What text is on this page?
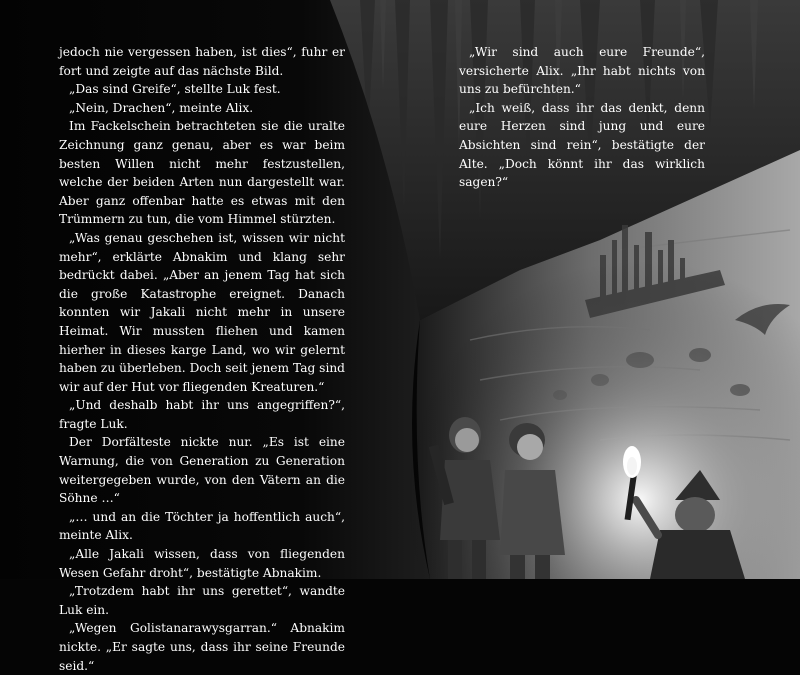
jedoch nie vergessen haben, ist dies“, fuhr er fort und zeigte auf das nächste Bild.

„Das sind Greife“, stellte Luk fest.

„Nein, Drachen“, meinte Alix.

Im Fackelschein betrachteten sie die uralte Zeichnung ganz genau, aber es war beim besten Willen nicht mehr festzustellen, welche der beiden Arten nun dargestellt war. Aber ganz offenbar hatte es etwas mit den Trümmern zu tun, die vom Himmel stürzten.

„Was genau geschehen ist, wissen wir nicht mehr“, erklärte Abnakim und klang sehr bedrückt dabei. „Aber an jenem Tag hat sich die große Katastrophe ereignet. Danach konnten wir Jakali nicht mehr in unsere Heimat. Wir mussten fliehen und kamen hierher in dieses karge Land, wo wir gelernt haben zu überleben. Doch seit jenem Tag sind wir auf der Hut vor fliegenden Kreaturen.“

„Und deshalb habt ihr uns angegriffen?“, fragte Luk.

Der Dorfälteste nickte nur. „Es ist eine Warnung, die von Generation zu Generation weitergegeben wurde, von den Vätern an die Söhne …“

„… und an die Töchter ja hoffentlich auch“, meinte Alix.

„Alle Jakali wissen, dass von fliegenden Wesen Gefahr droht“, bestätigte Abnakim.

„Trotzdem habt ihr uns gerettet“, wandte Luk ein.

„Wegen Golistanarawysgarran.“ Abnakim nickte. „Er sagte uns, dass ihr seine Freunde seid.“

„Wir sind auch eure Freunde“, versicherte Alix. „Ihr habt nichts von uns zu befürchten.“

„Ich weiß, dass ihr das denkt, denn eure Herzen sind jung und eure Absichten sind rein“, bestätigte der Alte. „Doch könnt ihr das wirklich sagen?“
